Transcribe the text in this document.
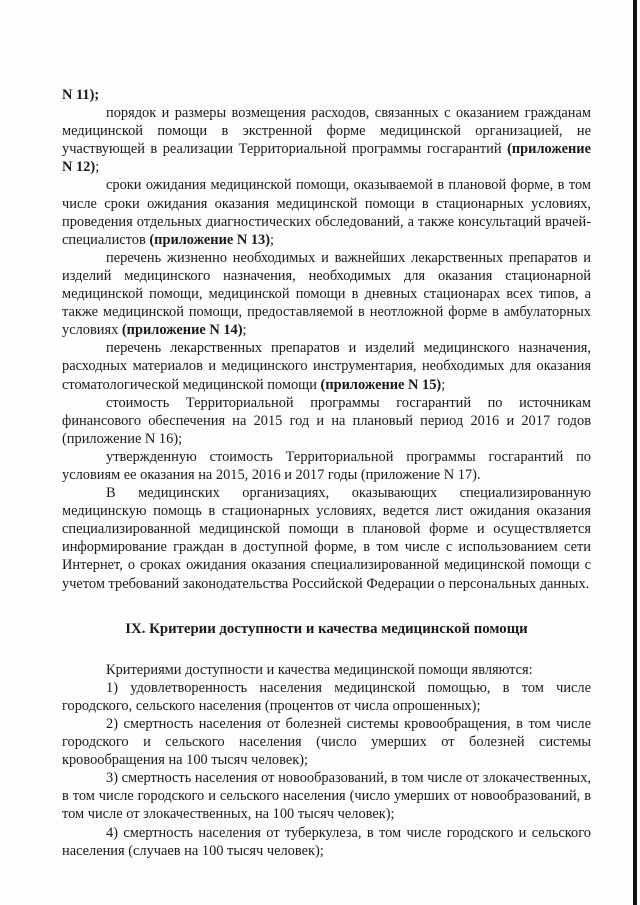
N 11);

порядок и размеры возмещения расходов, связанных с оказанием гражданам медицинской помощи в экстренной форме медицинской организацией, не участвующей в реализации Территориальной программы госгарантий (приложение N 12);

сроки ожидания медицинской помощи, оказываемой в плановой форме, в том числе сроки ожидания оказания медицинской помощи в стационарных условиях, проведения отдельных диагностических обследований, а также консультаций врачей-специалистов (приложение N 13);

перечень жизненно необходимых и важнейших лекарственных препаратов и изделий медицинского назначения, необходимых для оказания стационарной медицинской помощи, медицинской помощи в дневных стационарах всех типов, а также медицинской помощи, предоставляемой в неотложной форме в амбулаторных условиях (приложение N 14);

перечень лекарственных препаратов и изделий медицинского назначения, расходных материалов и медицинского инструментария, необходимых для оказания стоматологической медицинской помощи (приложение N 15);

стоимость Территориальной программы госгарантий по источникам финансового обеспечения на 2015 год и на плановый период 2016 и 2017 годов (приложение N 16);

утвержденную стоимость Территориальной программы госгарантий по условиям ее оказания на 2015, 2016 и 2017 годы (приложение N 17).

В медицинских организациях, оказывающих специализированную медицинскую помощь в стационарных условиях, ведется лист ожидания оказания специализированной медицинской помощи в плановой форме и осуществляется информирование граждан в доступной форме, в том числе с использованием сети Интернет, о сроках ожидания оказания специализированной медицинской помощи с учетом требований законодательства Российской Федерации о персональных данных.

IX. Критерии доступности и качества медицинской помощи

Критериями доступности и качества медицинской помощи являются:

1) удовлетворенность населения медицинской помощью, в том числе городского, сельского населения (процентов от числа опрошенных);

2) смертность населения от болезней системы кровообращения, в том числе городского и сельского населения (число умерших от болезней системы кровообращения на 100 тысяч человек);

3) смертность населения от новообразований, в том числе от злокачественных, в том числе городского и сельского населения (число умерших от новообразований, в том числе от злокачественных, на 100 тысяч человек);

4) смертность населения от туберкулеза, в том числе городского и сельского населения (случаев на 100 тысяч человек);
